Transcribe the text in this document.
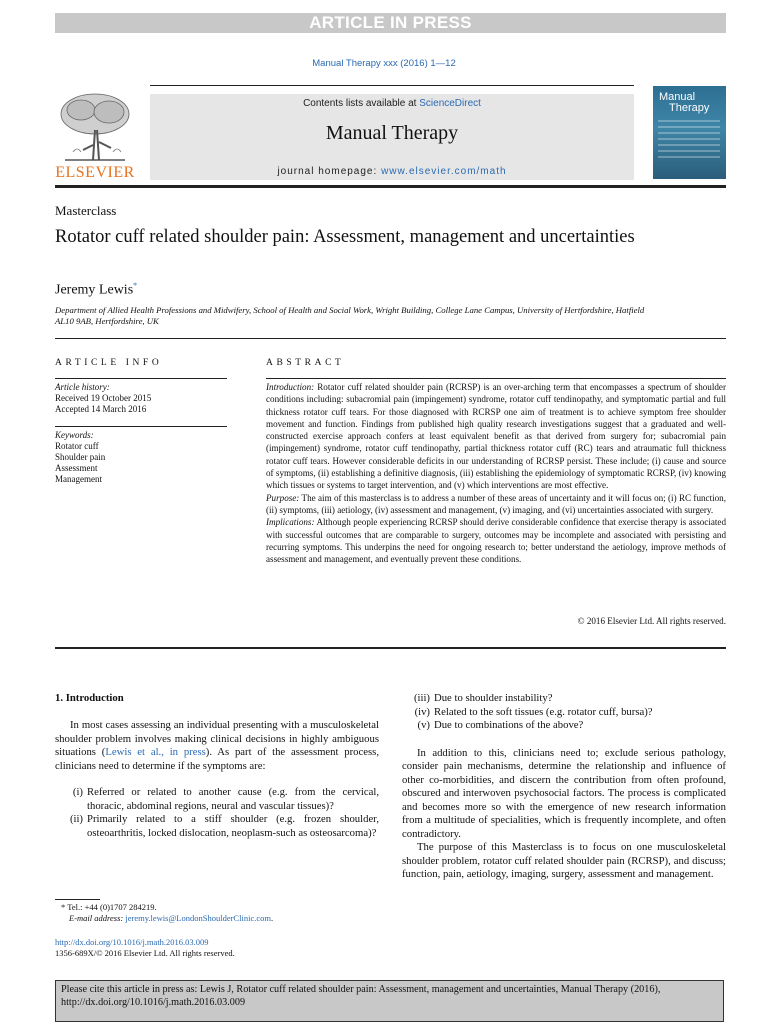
ARTICLE IN PRESS
Manual Therapy xxx (2016) 1—12
ELSEVIER
Contents lists available at ScienceDirect
Manual Therapy
journal homepage: www.elsevier.com/math
Manual
Therapy
Masterclass
Rotator cuff related shoulder pain: Assessment, management and uncertainties
Jeremy Lewis*
Department of Allied Health Professions and Midwifery, School of Health and Social Work, Wright Building, College Lane Campus, University of Hertfordshire, Hatfield AL10 9AB, Hertfordshire, UK
ARTICLE INFO
Article history:
Received 19 October 2015
Accepted 14 March 2016
Keywords:
Rotator cuff
Shoulder pain
Assessment
Management
ABSTRACT

Introduction: Rotator cuff related shoulder pain (RCRSP) is an over-arching term that encompasses a spectrum of shoulder conditions including: subacromial pain (impingement) syndrome, rotator cuff tendinopathy, and symptomatic partial and full thickness rotator cuff tears. For those diagnosed with RCRSP one aim of treatment is to achieve symptom free shoulder movement and function. Findings from published high quality research investigations suggest that a graduated and well-constructed exercise approach confers at least equivalent benefit as that derived from surgery for; subacromial pain (impingement) syndrome, rotator cuff tendinopathy, partial thickness rotator cuff (RC) tears and atraumatic full thickness rotator cuff tears. However considerable deficits in our understanding of RCRSP persist. These include; (i) cause and source of symptoms, (ii) establishing a definitive diagnosis, (iii) establishing the epidemiology of symptomatic RCRSP, (iv) knowing which tissues or systems to target intervention, and (v) which interventions are most effective.

Purpose: The aim of this masterclass is to address a number of these areas of uncertainty and it will focus on; (i) RC function, (ii) symptoms, (iii) aetiology, (iv) assessment and management, (v) imaging, and (vi) uncertainties associated with surgery.

Implications: Although people experiencing RCRSP should derive considerable confidence that exercise therapy is associated with successful outcomes that are comparable to surgery, outcomes may be incomplete and associated with persisting and recurring symptoms. This underpins the need for ongoing research to; better understand the aetiology, improve methods of assessment and management, and eventually prevent these conditions.

© 2016 Elsevier Ltd. All rights reserved.
1. Introduction

In most cases assessing an individual presenting with a musculoskeletal shoulder problem involves making clinical decisions in highly ambiguous situations (Lewis et al., in press). As part of the assessment process, clinicians need to determine if the symptoms are:

(i) Referred or related to another cause (e.g. from the cervical, thoracic, abdominal regions, neural and vascular tissues)?
(ii) Primarily related to a stiff shoulder (e.g. frozen shoulder, osteoarthritis, locked dislocation, neoplasm-such as osteosarcoma)?
(iii) Due to shoulder instability?
(iv) Related to the soft tissues (e.g. rotator cuff, bursa)?
(v) Due to combinations of the above?

In addition to this, clinicians need to; exclude serious pathology, consider pain mechanisms, determine the relationship and influence of other co-morbidities, and discern the contribution from often profound, obscured and interwoven psychosocial factors. The process is complicated and becomes more so with the emergence of new research information from a multitude of specialities, which is frequently incomplete, and often contradictory.

The purpose of this Masterclass is to focus on one musculoskeletal shoulder problem, rotator cuff related shoulder pain (RCRSP), and discuss; function, pain, aetiology, imaging, surgery, assessment and management.

* Tel.: +44 (0)1707 284219.
E-mail address: jeremy.lewis@LondonShoulderClinic.com.
http://dx.doi.org/10.1016/j.math.2016.03.009
1356-689X/© 2016 Elsevier Ltd. All rights reserved.
Please cite this article in press as: Lewis J, Rotator cuff related shoulder pain: Assessment, management and uncertainties, Manual Therapy (2016), http://dx.doi.org/10.1016/j.math.2016.03.009
